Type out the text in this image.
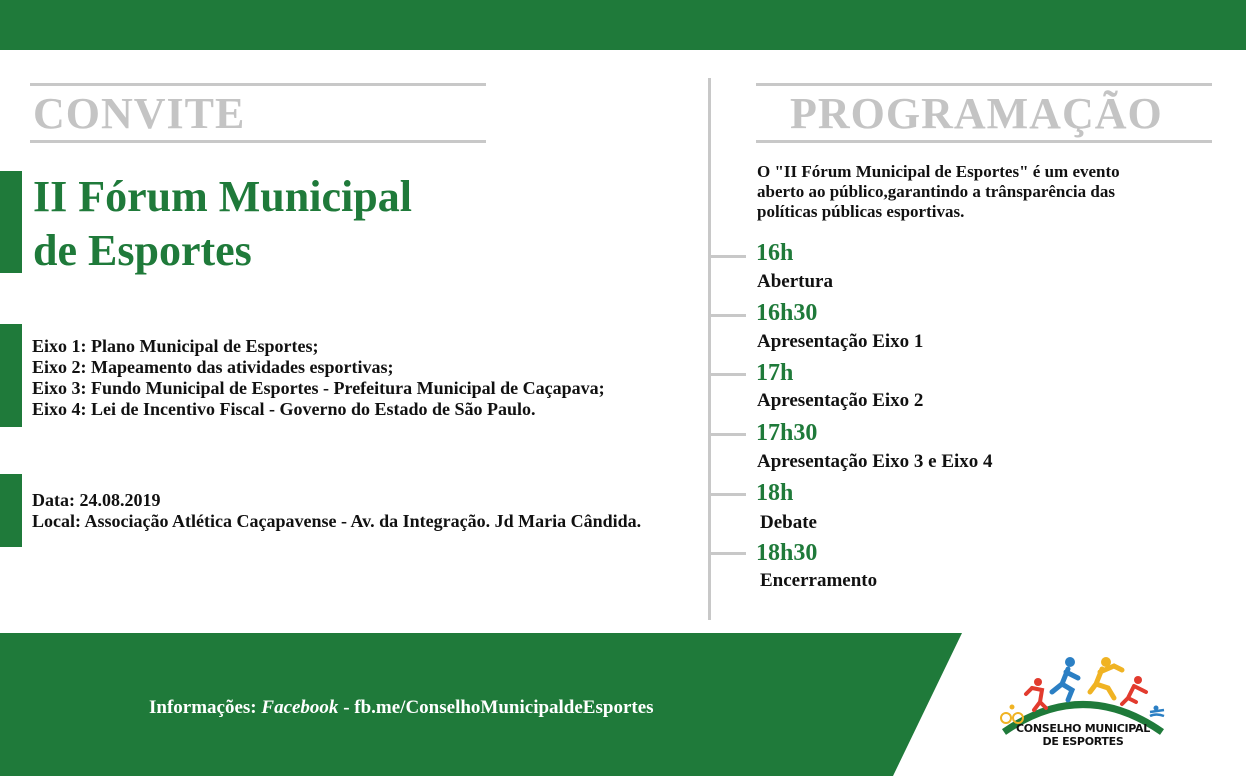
CONVITE
II Fórum Municipal
de Esportes
Eixo 1: Plano Municipal de Esportes;
Eixo 2: Mapeamento das atividades esportivas;
Eixo 3: Fundo Municipal de Esportes - Prefeitura Municipal de Caçapava;
Eixo 4: Lei de Incentivo Fiscal - Governo do Estado de São Paulo.
Data: 24.08.2019
Local: Associação Atlética Caçapavense - Av. da Integração. Jd Maria Cândida.
PROGRAMAÇÃO
O "II Fórum Municipal de Esportes" é um evento
aberto ao público,garantindo a trânsparência das
políticas públicas esportivas.
16h
Abertura
16h30
Apresentação Eixo 1
17h
Apresentação Eixo 2
17h30
Apresentação Eixo 3 e Eixo 4
18h
Debate
18h30
Encerramento
Informações: Facebook - fb.me/ConselhoMunicipaldeEsportes
CONSELHO MUNICIPAL
DE ESPORTES
